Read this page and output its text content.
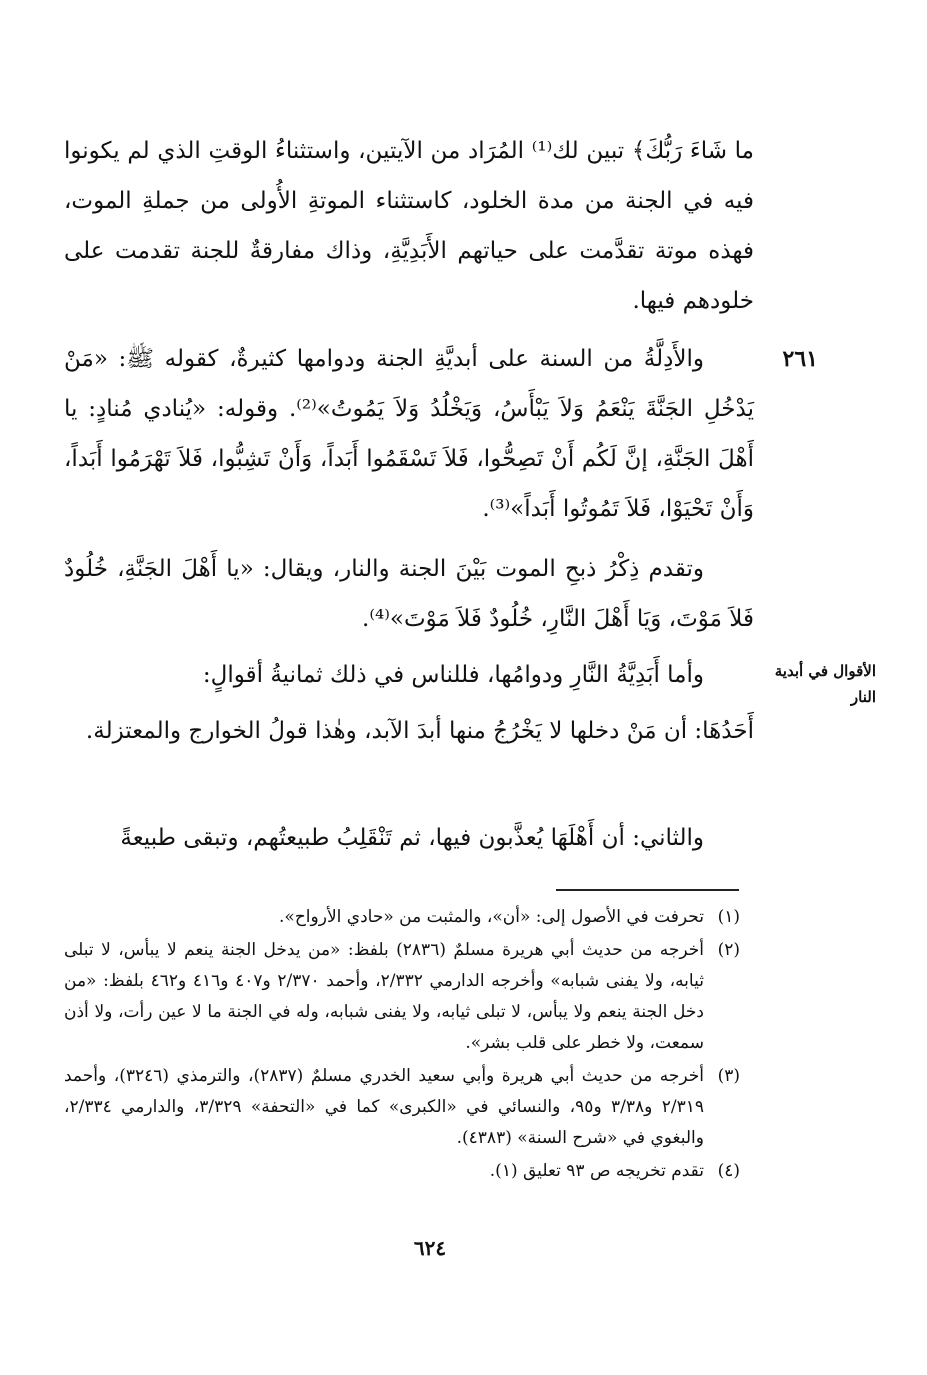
ما شَاءَ رَبُّكَ﴾ تبين لك⁽¹⁾ المُرَاد من الآيتين، واستثناءُ الوقتِ الذي لم يكونوا فيه في الجنة من مدة الخلود، كاستثناء الموتةِ الأُولى من جملةِ الموت، فهذه موتة تقدَّمت على حياتهم الأَبَدِيَّةِ، وذاك مفارقةٌ للجنة تقدمت على خلودهم فيها.
٢٦١
والأَدِلَّةُ من السنة على أبديَّةِ الجنة ودوامها كثيرةٌ، كقوله ﷺ: «مَنْ يَدْخُلِ الجَنَّةَ يَنْعَمُ وَلاَ يَبْأَسُ، وَيَخْلُدُ وَلاَ يَمُوتُ»⁽²⁾. وقوله: «يُنادي مُنادٍ: يا أَهْلَ الجَنَّةِ، إنَّ لَكُم أَنْ تَصِحُّوا، فَلاَ تَسْقَمُوا أَبَداً، وَأَنْ تَشِبُّوا، فَلاَ تَهْرَمُوا أَبَداً، وَأَنْ تَحْيَوْا، فَلاَ تَمُوتُوا أَبَداً»⁽³⁾.
وتقدم ذِكْرُ ذبحِ الموت بَيْنَ الجنة والنار، ويقال: «يا أَهْلَ الجَنَّةِ، خُلُودٌ فَلاَ مَوْتَ، وَيَا أَهْلَ النَّارِ، خُلُودٌ فَلاَ مَوْتَ»⁽⁴⁾.
الأقوال في أبدية النار
وأما أَبَدِيَّةُ النَّارِ ودوامُها، فللناس في ذلك ثمانيةُ أقوالٍ:
أَحَدُهَا: أن مَنْ دخلها لا يَخْرُجُ منها أبدَ الآبد، وهٰذا قولُ الخوارج والمعتزلة.
والثاني: أن أَهْلَهَا يُعذَّبون فيها، ثم تَنْقَلِبُ طبيعتُهم، وتبقى طبيعةً
(١)
تحرفت في الأصول إلى: «أن»، والمثبت من «حادي الأرواح».
(٢)
أخرجه من حديث أبي هريرة مسلمٌ (٢٨٣٦) بلفظ: «من يدخل الجنة ينعم لا يبأس، لا تبلى ثيابه، ولا يفنى شبابه» وأخرجه الدارمي ٢/٣٣٢، وأحمد ٢/٣٧٠ و٤٠٧ و٤١٦ و٤٦٢ بلفظ: «من دخل الجنة ينعم ولا يبأس، لا تبلى ثيابه، ولا يفنى شبابه، وله في الجنة ما لا عين رأت، ولا أذن سمعت، ولا خطر على قلب بشر».
(٣)
أخرجه من حديث أبي هريرة وأبي سعيد الخدري مسلمٌ (٢٨٣٧)، والترمذي (٣٢٤٦)، وأحمد ٢/٣١٩ و٣/٣٨ و٩٥، والنسائي في «الكبرى» كما في «التحفة» ٣/٣٢٩، والدارمي ٢/٣٣٤، والبغوي في «شرح السنة» (٤٣٨٣).
(٤)
تقدم تخريجه ص ٩٣ تعليق (١).
٦٢٤
